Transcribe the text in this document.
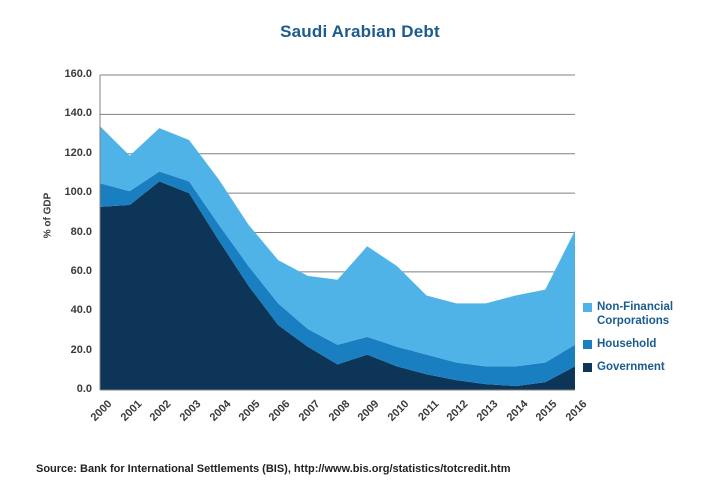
Saudi Arabian Debt
% of GDP
Non-Financial Corporations
Household
Government
Source: Bank for International Settlements (BIS), http://www.bis.org/statistics/totcredit.htm
0.0
20.0
40.0
60.0
80.0
100.0
120.0
140.0
160.0
2000 2001 2002 2003 2004 2005 2006 2007 2008 2009 2010 2011 2012 2013 2014 2015 2016
